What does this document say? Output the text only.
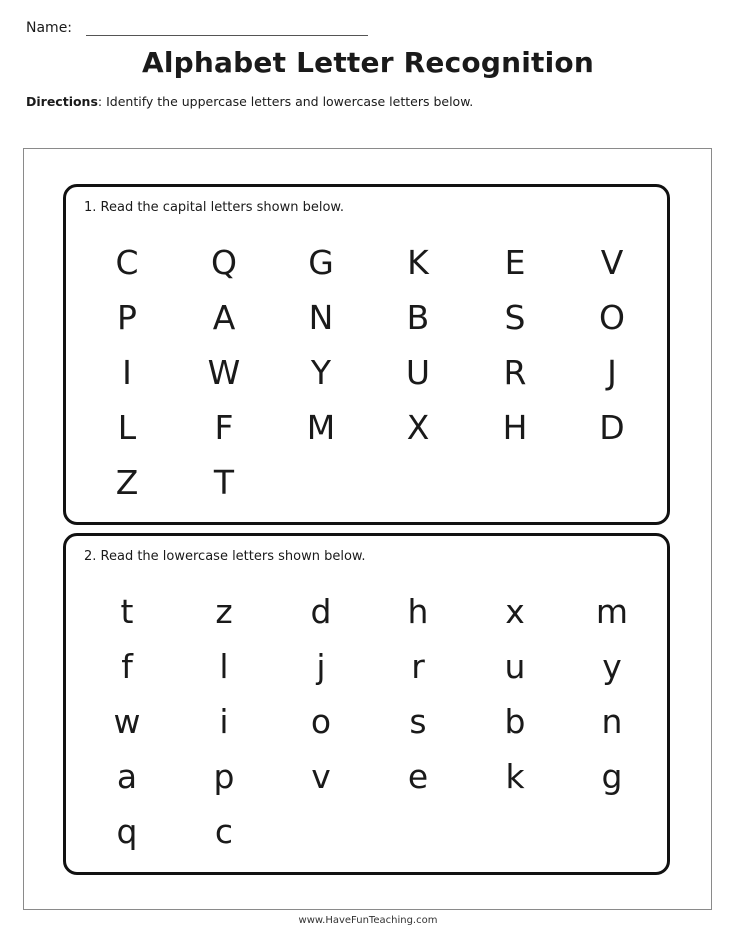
Name:
Alphabet Letter Recognition
Directions: Identify the uppercase letters and lowercase letters below.
1. Read the capital letters shown below.
C	Q	G	K	E	V
P	A	N	B	S	O
I	W	Y	U	R	J
L	F	M	X	H	D
Z	T
2. Read the lowercase letters shown below.
t	z	d	h	x	m
f	l	j	r	u	y
w	i	o	s	b	n
a	p	v	e	k	g
q	c
www.HaveFunTeaching.com
